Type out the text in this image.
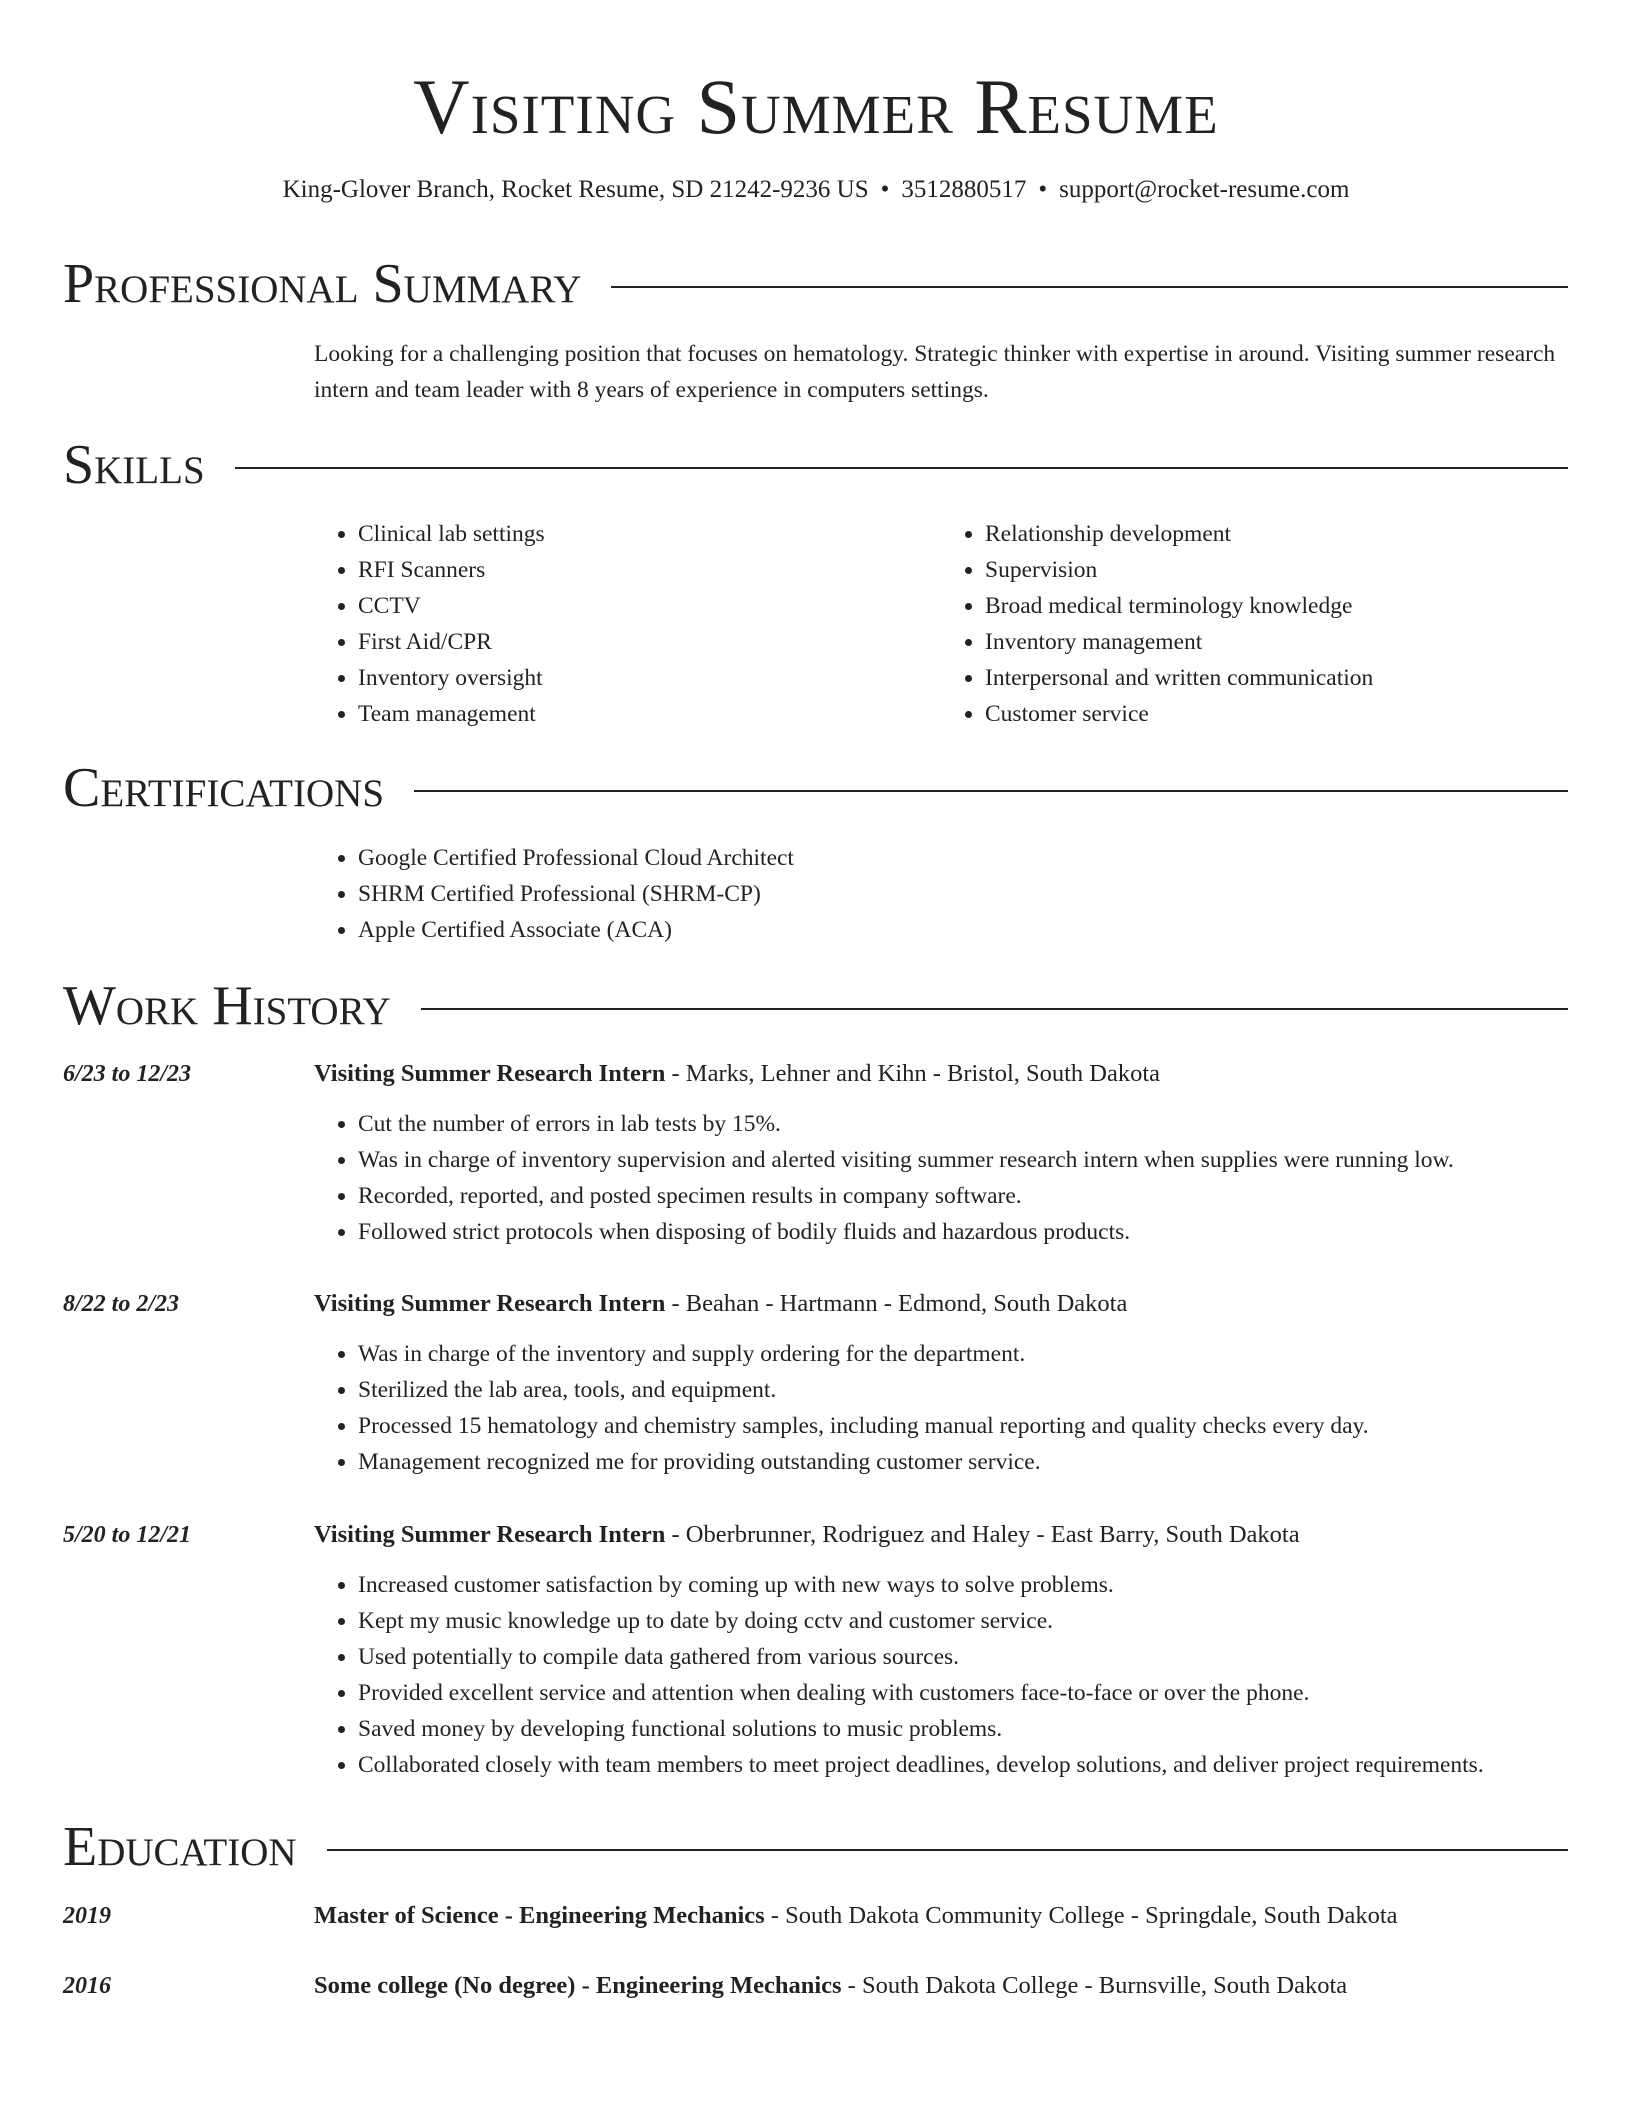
Visiting Summer Resume
King-Glover Branch, Rocket Resume, SD 21242-9236 US • 3512880517 • support@rocket-resume.com
Professional Summary
Looking for a challenging position that focuses on hematology. Strategic thinker with expertise in around. Visiting summer research intern and team leader with 8 years of experience in computers settings.
Skills
• Clinical lab settings
• RFI Scanners
• CCTV
• First Aid/CPR
• Inventory oversight
• Team management
• Relationship development
• Supervision
• Broad medical terminology knowledge
• Inventory management
• Interpersonal and written communication
• Customer service
Certifications
• Google Certified Professional Cloud Architect
• SHRM Certified Professional (SHRM-CP)
• Apple Certified Associate (ACA)
Work History
6/23 to 12/23	Visiting Summer Research Intern - Marks, Lehner and Kihn - Bristol, South Dakota
• Cut the number of errors in lab tests by 15%.
• Was in charge of inventory supervision and alerted visiting summer research intern when supplies were running low.
• Recorded, reported, and posted specimen results in company software.
• Followed strict protocols when disposing of bodily fluids and hazardous products.
8/22 to 2/23	Visiting Summer Research Intern - Beahan - Hartmann - Edmond, South Dakota
• Was in charge of the inventory and supply ordering for the department.
• Sterilized the lab area, tools, and equipment.
• Processed 15 hematology and chemistry samples, including manual reporting and quality checks every day.
• Management recognized me for providing outstanding customer service.
5/20 to 12/21	Visiting Summer Research Intern - Oberbrunner, Rodriguez and Haley - East Barry, South Dakota
• Increased customer satisfaction by coming up with new ways to solve problems.
• Kept my music knowledge up to date by doing cctv and customer service.
• Used potentially to compile data gathered from various sources.
• Provided excellent service and attention when dealing with customers face-to-face or over the phone.
• Saved money by developing functional solutions to music problems.
• Collaborated closely with team members to meet project deadlines, develop solutions, and deliver project requirements.
Education
2019	Master of Science - Engineering Mechanics - South Dakota Community College - Springdale, South Dakota
2016	Some college (No degree) - Engineering Mechanics - South Dakota College - Burnsville, South Dakota
